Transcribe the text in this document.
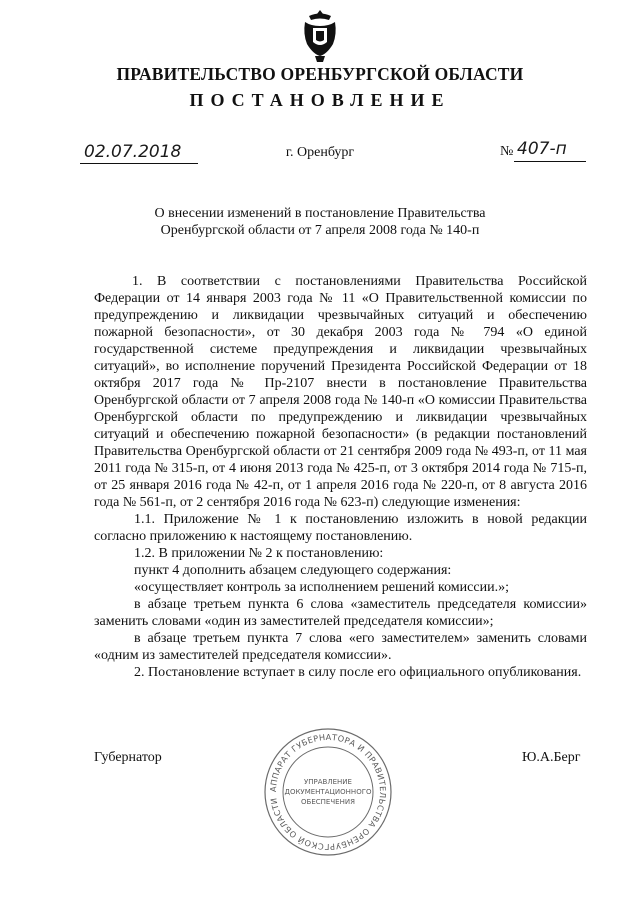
ПРАВИТЕЛЬСТВО ОРЕНБУРГСКОЙ ОБЛАСТИ
ПОСТАНОВЛЕНИЕ
02.07.2018	г. Оренбург	№ 407-п
О внесении изменений в постановление Правительства
Оренбургской области от 7 апреля 2008 года № 140-п

1. В соответствии с постановлениями Правительства Российской Федерации от 14 января 2003 года № 11 «О Правительственной комиссии по предупреждению и ликвидации чрезвычайных ситуаций и обеспечению пожарной безопасности», от 30 декабря 2003 года № 794 «О единой государственной системе предупреждения и ликвидации чрезвычайных ситуаций», во исполнение поручений Президента Российской Федерации от 18 октября 2017 года № Пр-2107 внести в постановление Правительства Оренбургской области от 7 апреля 2008 года № 140-п «О комиссии Правительства Оренбургской области по предупреждению и ликвидации чрезвычайных ситуаций и обеспечению пожарной безопасности» (в редакции постановлений Правительства Оренбургской области от 21 сентября 2009 года № 493-п, от 11 мая 2011 года № 315-п, от 4 июня 2013 года № 425-п, от 3 октября 2014 года № 715-п, от 25 января 2016 года № 42-п, от 1 апреля 2016 года № 220-п, от 8 августа 2016 года № 561-п, от 2 сентября 2016 года № 623-п) следующие изменения:

1.1. Приложение № 1 к постановлению изложить в новой редакции согласно приложению к настоящему постановлению.

1.2. В приложении № 2 к постановлению:

пункт 4 дополнить абзацем следующего содержания:

«осуществляет контроль за исполнением решений комиссии.»;

в абзаце третьем пункта 6 слова «заместитель председателя комиссии» заменить словами «один из заместителей председателя комиссии»;

в абзаце третьем пункта 7 слова «его заместителем» заменить словами «одним из заместителей председателя комиссии».

2. Постановление вступает в силу после его официального опубликования.

Губернатор	Ю.А.Берг
АППАРАТ ГУБЕРНАТОРА И ПРАВИТЕЛЬСТВА ОРЕНБУРГСКОЙ ОБЛАСТИ
УПРАВЛЕНИЕ
ДОКУМЕНТАЦИОННОГО
ОБЕСПЕЧЕНИЯ
